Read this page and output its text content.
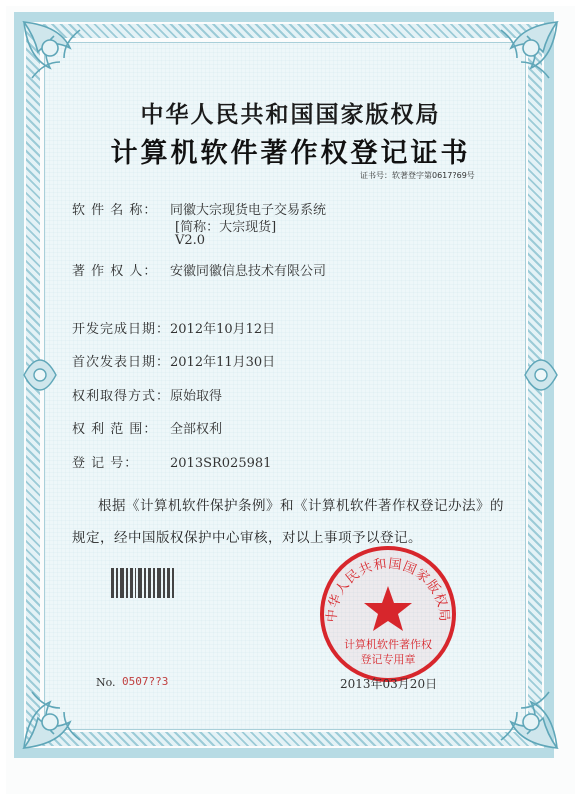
中华人民共和国国家版权局
计算机软件著作权登记证书
证书号：软著登字第0617?69号
软 件 名 称： 同徽大宗现货电子交易系统
[简称：大宗现货]
V2.0
著 作 权 人： 安徽同徽信息技术有限公司
开发完成日期：2012年10月12日
首次发表日期：2012年11月30日
权利取得方式：原始取得
权 利 范 围： 全部权利
登 记 号： 2013SR025981
根据《计算机软件保护条例》和《计算机软件著作权登记办法》的
规定，经中国版权保护中心审核，对以上事项予以登记。
中华人民共和国国家版权局
计算机软件著作权
登记专用章
No. 0507??3	2013年03月20日
